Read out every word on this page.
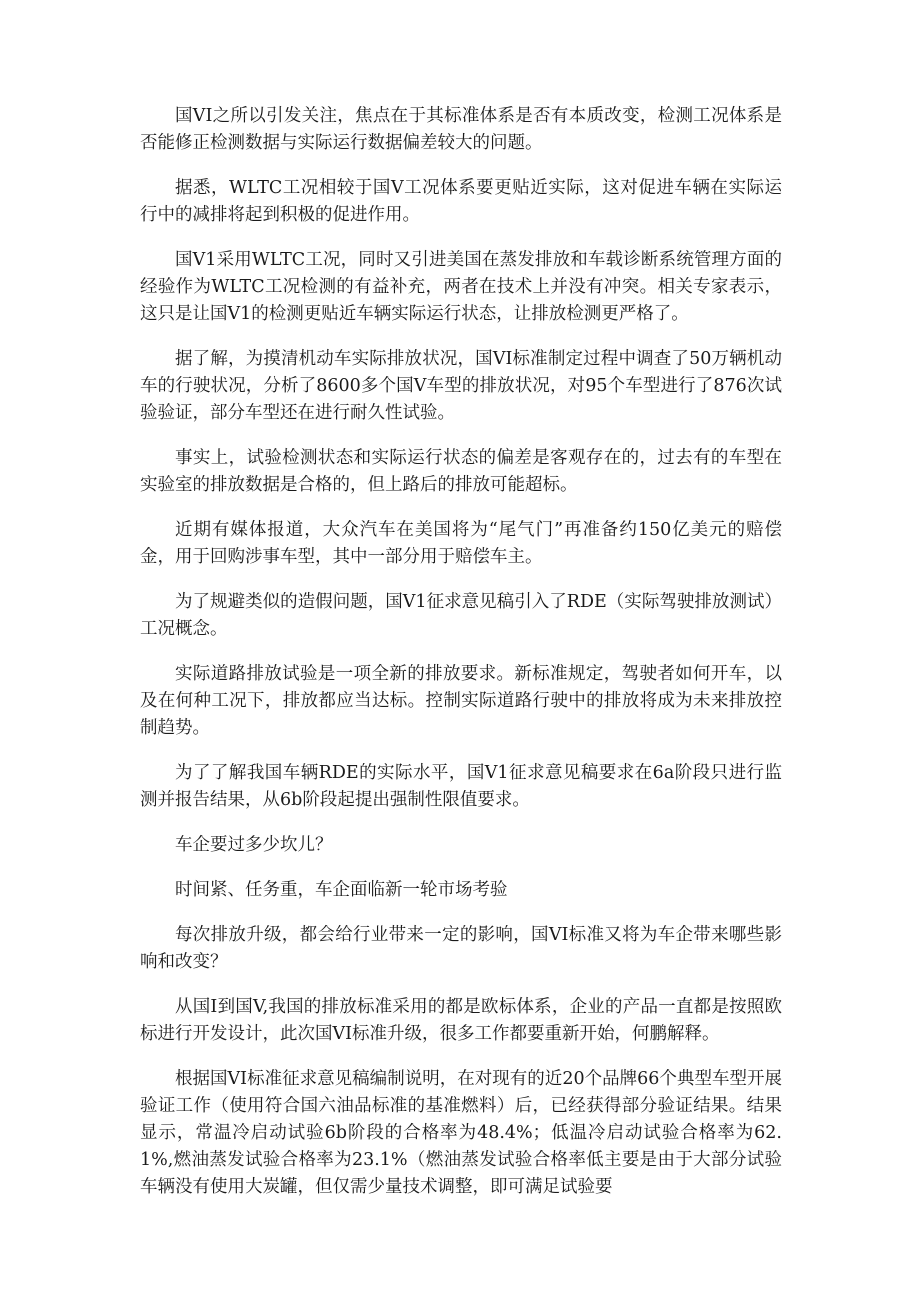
国VI之所以引发关注，焦点在于其标准体系是否有本质改变，检测工况体系是否能修正检测数据与实际运行数据偏差较大的问题。

据悉，WLTC工况相较于国V工况体系要更贴近实际，这对促进车辆在实际运行中的减排将起到积极的促进作用。

国V1采用WLTC工况，同时又引进美国在蒸发排放和车载诊断系统管理方面的经验作为WLTC工况检测的有益补充，两者在技术上并没有冲突。相关专家表示，这只是让国V1的检测更贴近车辆实际运行状态，让排放检测更严格了。

据了解，为摸清机动车实际排放状况，国VI标准制定过程中调查了50万辆机动车的行驶状况，分析了8600多个国V车型的排放状况，对95个车型进行了876次试验验证，部分车型还在进行耐久性试验。

事实上，试验检测状态和实际运行状态的偏差是客观存在的，过去有的车型在实验室的排放数据是合格的，但上路后的排放可能超标。

近期有媒体报道，大众汽车在美国将为“尾气门”再准备约150亿美元的赔偿金，用于回购涉事车型，其中一部分用于赔偿车主。

为了规避类似的造假问题，国V1征求意见稿引入了RDE（实际驾驶排放测试）工况概念。

实际道路排放试验是一项全新的排放要求。新标准规定，驾驶者如何开车，以及在何种工况下，排放都应当达标。控制实际道路行驶中的排放将成为未来排放控制趋势。

为了了解我国车辆RDE的实际水平，国V1征求意见稿要求在6a阶段只进行监测并报告结果，从6b阶段起提出强制性限值要求。

车企要过多少坎儿？

时间紧、任务重，车企面临新一轮市场考验

每次排放升级，都会给行业带来一定的影响，国VI标准又将为车企带来哪些影响和改变？

从国I到国V,我国的排放标准采用的都是欧标体系，企业的产品一直都是按照欧标进行开发设计，此次国VI标准升级，很多工作都要重新开始，何鹏解释。

根据国VI标准征求意见稿编制说明，在对现有的近20个品牌66个典型车型开展验证工作（使用符合国六油品标准的基准燃料）后，已经获得部分验证结果。结果显示，常温冷启动试验6b阶段的合格率为48.4%；低温冷启动试验合格率为62.1%,燃油蒸发试验合格率为23.1%（燃油蒸发试验合格率低主要是由于大部分试验车辆没有使用大炭罐，但仅需少量技术调整，即可满足试验要
